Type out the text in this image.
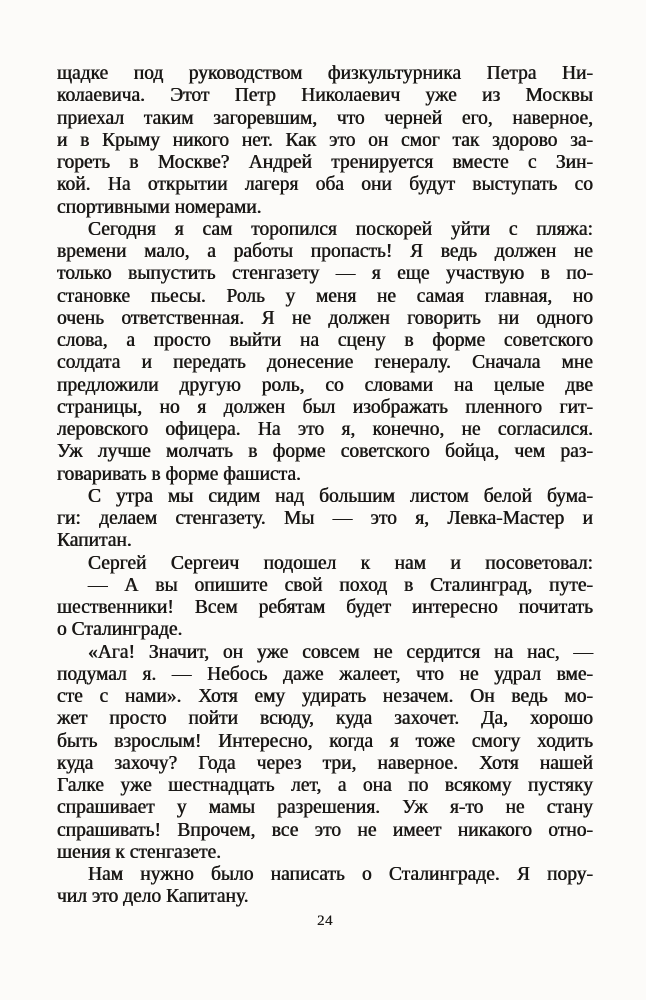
щадке под руководством физкультурника Петра Ни-
колаевича. Этот Петр Николаевич уже из Москвы
приехал таким загоревшим, что черней его, наверное,
и в Крыму никого нет. Как это он смог так здорово за-
гореть в Москве? Андрей тренируется вместе с Зин-
кой. На открытии лагеря оба они будут выступать со
спортивными номерами.
Сегодня я сам торопился поскорей уйти с пляжа:
времени мало, а работы пропасть! Я ведь должен не
только выпустить стенгазету — я еще участвую в по-
становке пьесы. Роль у меня не самая главная, но
очень ответственная. Я не должен говорить ни одного
слова, а просто выйти на сцену в форме советского
солдата и передать донесение генералу. Сначала мне
предложили другую роль, со словами на целые две
страницы, но я должен был изображать пленного гит-
леровского офицера. На это я, конечно, не согласился.
Уж лучше молчать в форме советского бойца, чем раз-
говаривать в форме фашиста.
С утра мы сидим над большим листом белой бума-
ги: делаем стенгазету. Мы — это я, Левка-Мастер и
Капитан.
Сергей Сергеич подошел к нам и посоветовал:
— А вы опишите свой поход в Сталинград, путе-
шественники! Всем ребятам будет интересно почитать
о Сталинграде.
«Ага! Значит, он уже совсем не сердится на нас, —
подумал я. — Небось даже жалеет, что не удрал вме-
сте с нами». Хотя ему удирать незачем. Он ведь мо-
жет просто пойти всюду, куда захочет. Да, хорошо
быть взрослым! Интересно, когда я тоже смогу ходить
куда захочу? Года через три, наверное. Хотя нашей
Галке уже шестнадцать лет, а она по всякому пустяку
спрашивает у мамы разрешения. Уж я-то не стану
спрашивать! Впрочем, все это не имеет никакого отно-
шения к стенгазете.
Нам нужно было написать о Сталинграде. Я пору-
чил это дело Капитану.
24
